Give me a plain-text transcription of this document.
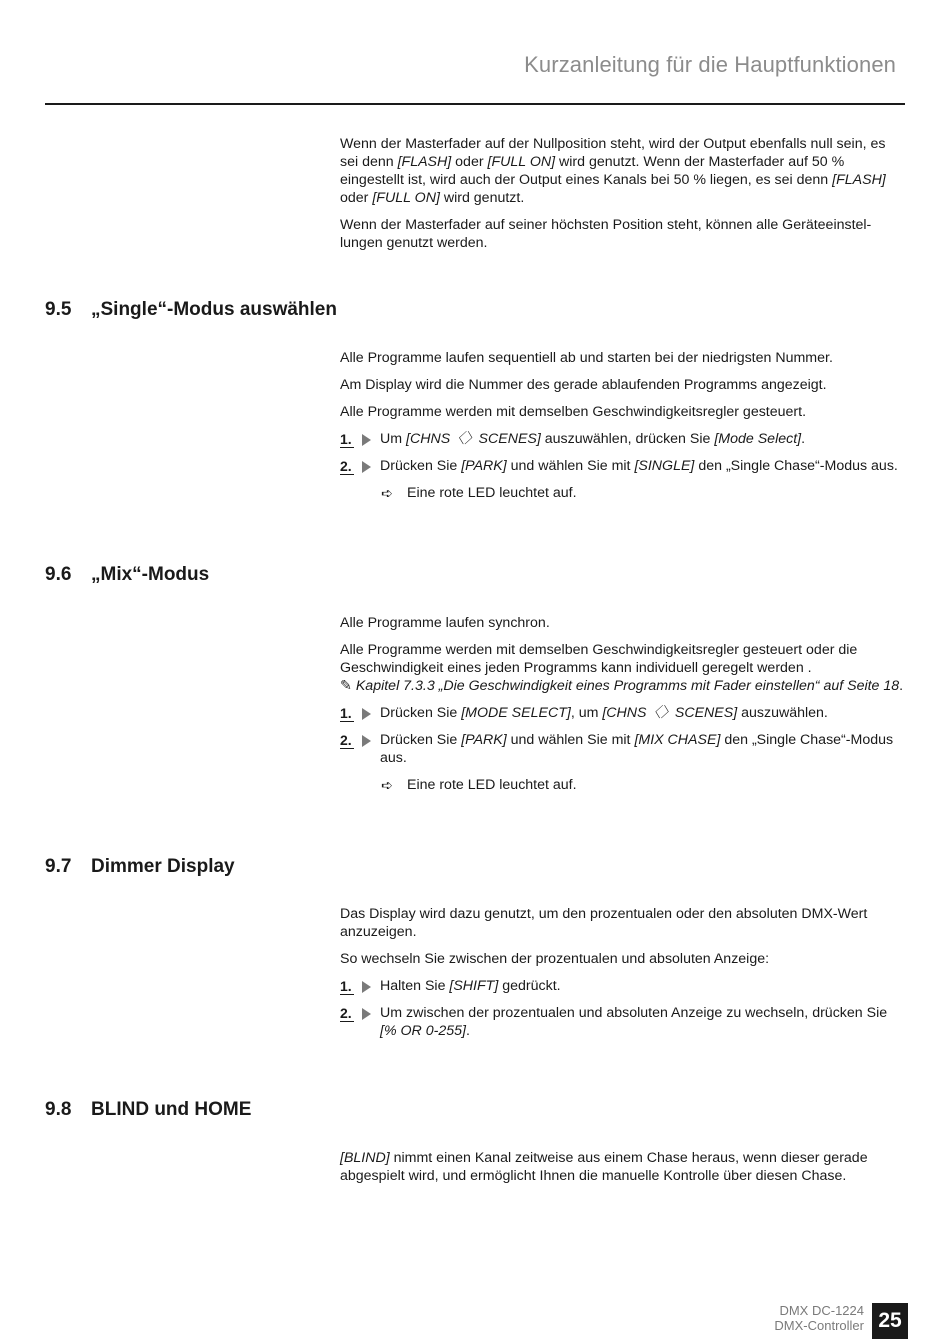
Kurzanleitung für die Hauptfunktionen

Wenn der Masterfader auf der Nullposition steht, wird der Output ebenfalls null sein, es sei denn [FLASH] oder [FULL ON] wird genutzt. Wenn der Masterfader auf 50 % eingestellt ist, wird auch der Output eines Kanals bei 50 % liegen, es sei denn [FLASH] oder [FULL ON] wird genutzt.

Wenn der Masterfader auf seiner höchsten Position steht, können alle Geräteeinstel-lungen genutzt werden.

9.5 „Single“-Modus auswählen

Alle Programme laufen sequentiell ab und starten bei der niedrigsten Nummer.

Am Display wird die Nummer des gerade ablaufenden Programms angezeigt.

Alle Programme werden mit demselben Geschwindigkeitsregler gesteuert.

1.	Um [CHNS〈〉SCENES] auszuwählen, drücken Sie [Mode Select].
2.	Drücken Sie [PARK] und wählen Sie mit [SINGLE] den „Single Chase“-Modus aus.
➪ Eine rote LED leuchtet auf.
9.6 „Mix“-Modus

Alle Programme laufen synchron.

Alle Programme werden mit demselben Geschwindigkeitsregler gesteuert oder die Geschwindigkeit eines jeden Programms kann individuell geregelt werden .
✎ Kapitel 7.3.3 „Die Geschwindigkeit eines Programms mit Fader einstellen“ auf Seite 18.

1.	Drücken Sie [MODE SELECT], um [CHNS〈〉SCENES] auszuwählen.
2.	Drücken Sie [PARK] und wählen Sie mit [MIX CHASE] den „Single Chase“-Modus aus.
➪ Eine rote LED leuchtet auf.
9.7 Dimmer Display

Das Display wird dazu genutzt, um den prozentualen oder den absoluten DMX-Wert anzuzeigen.

So wechseln Sie zwischen der prozentualen und absoluten Anzeige:

1.	Halten Sie [SHIFT] gedrückt.
2.	Um zwischen der prozentualen und absoluten Anzeige zu wechseln, drücken Sie [% OR 0-255].
9.8 BLIND und HOME

[BLIND] nimmt einen Kanal zeitweise aus einem Chase heraus, wenn dieser gerade abgespielt wird, und ermöglicht Ihnen die manuelle Kontrolle über diesen Chase.

DMX DC-1224
DMX-Controller 25
